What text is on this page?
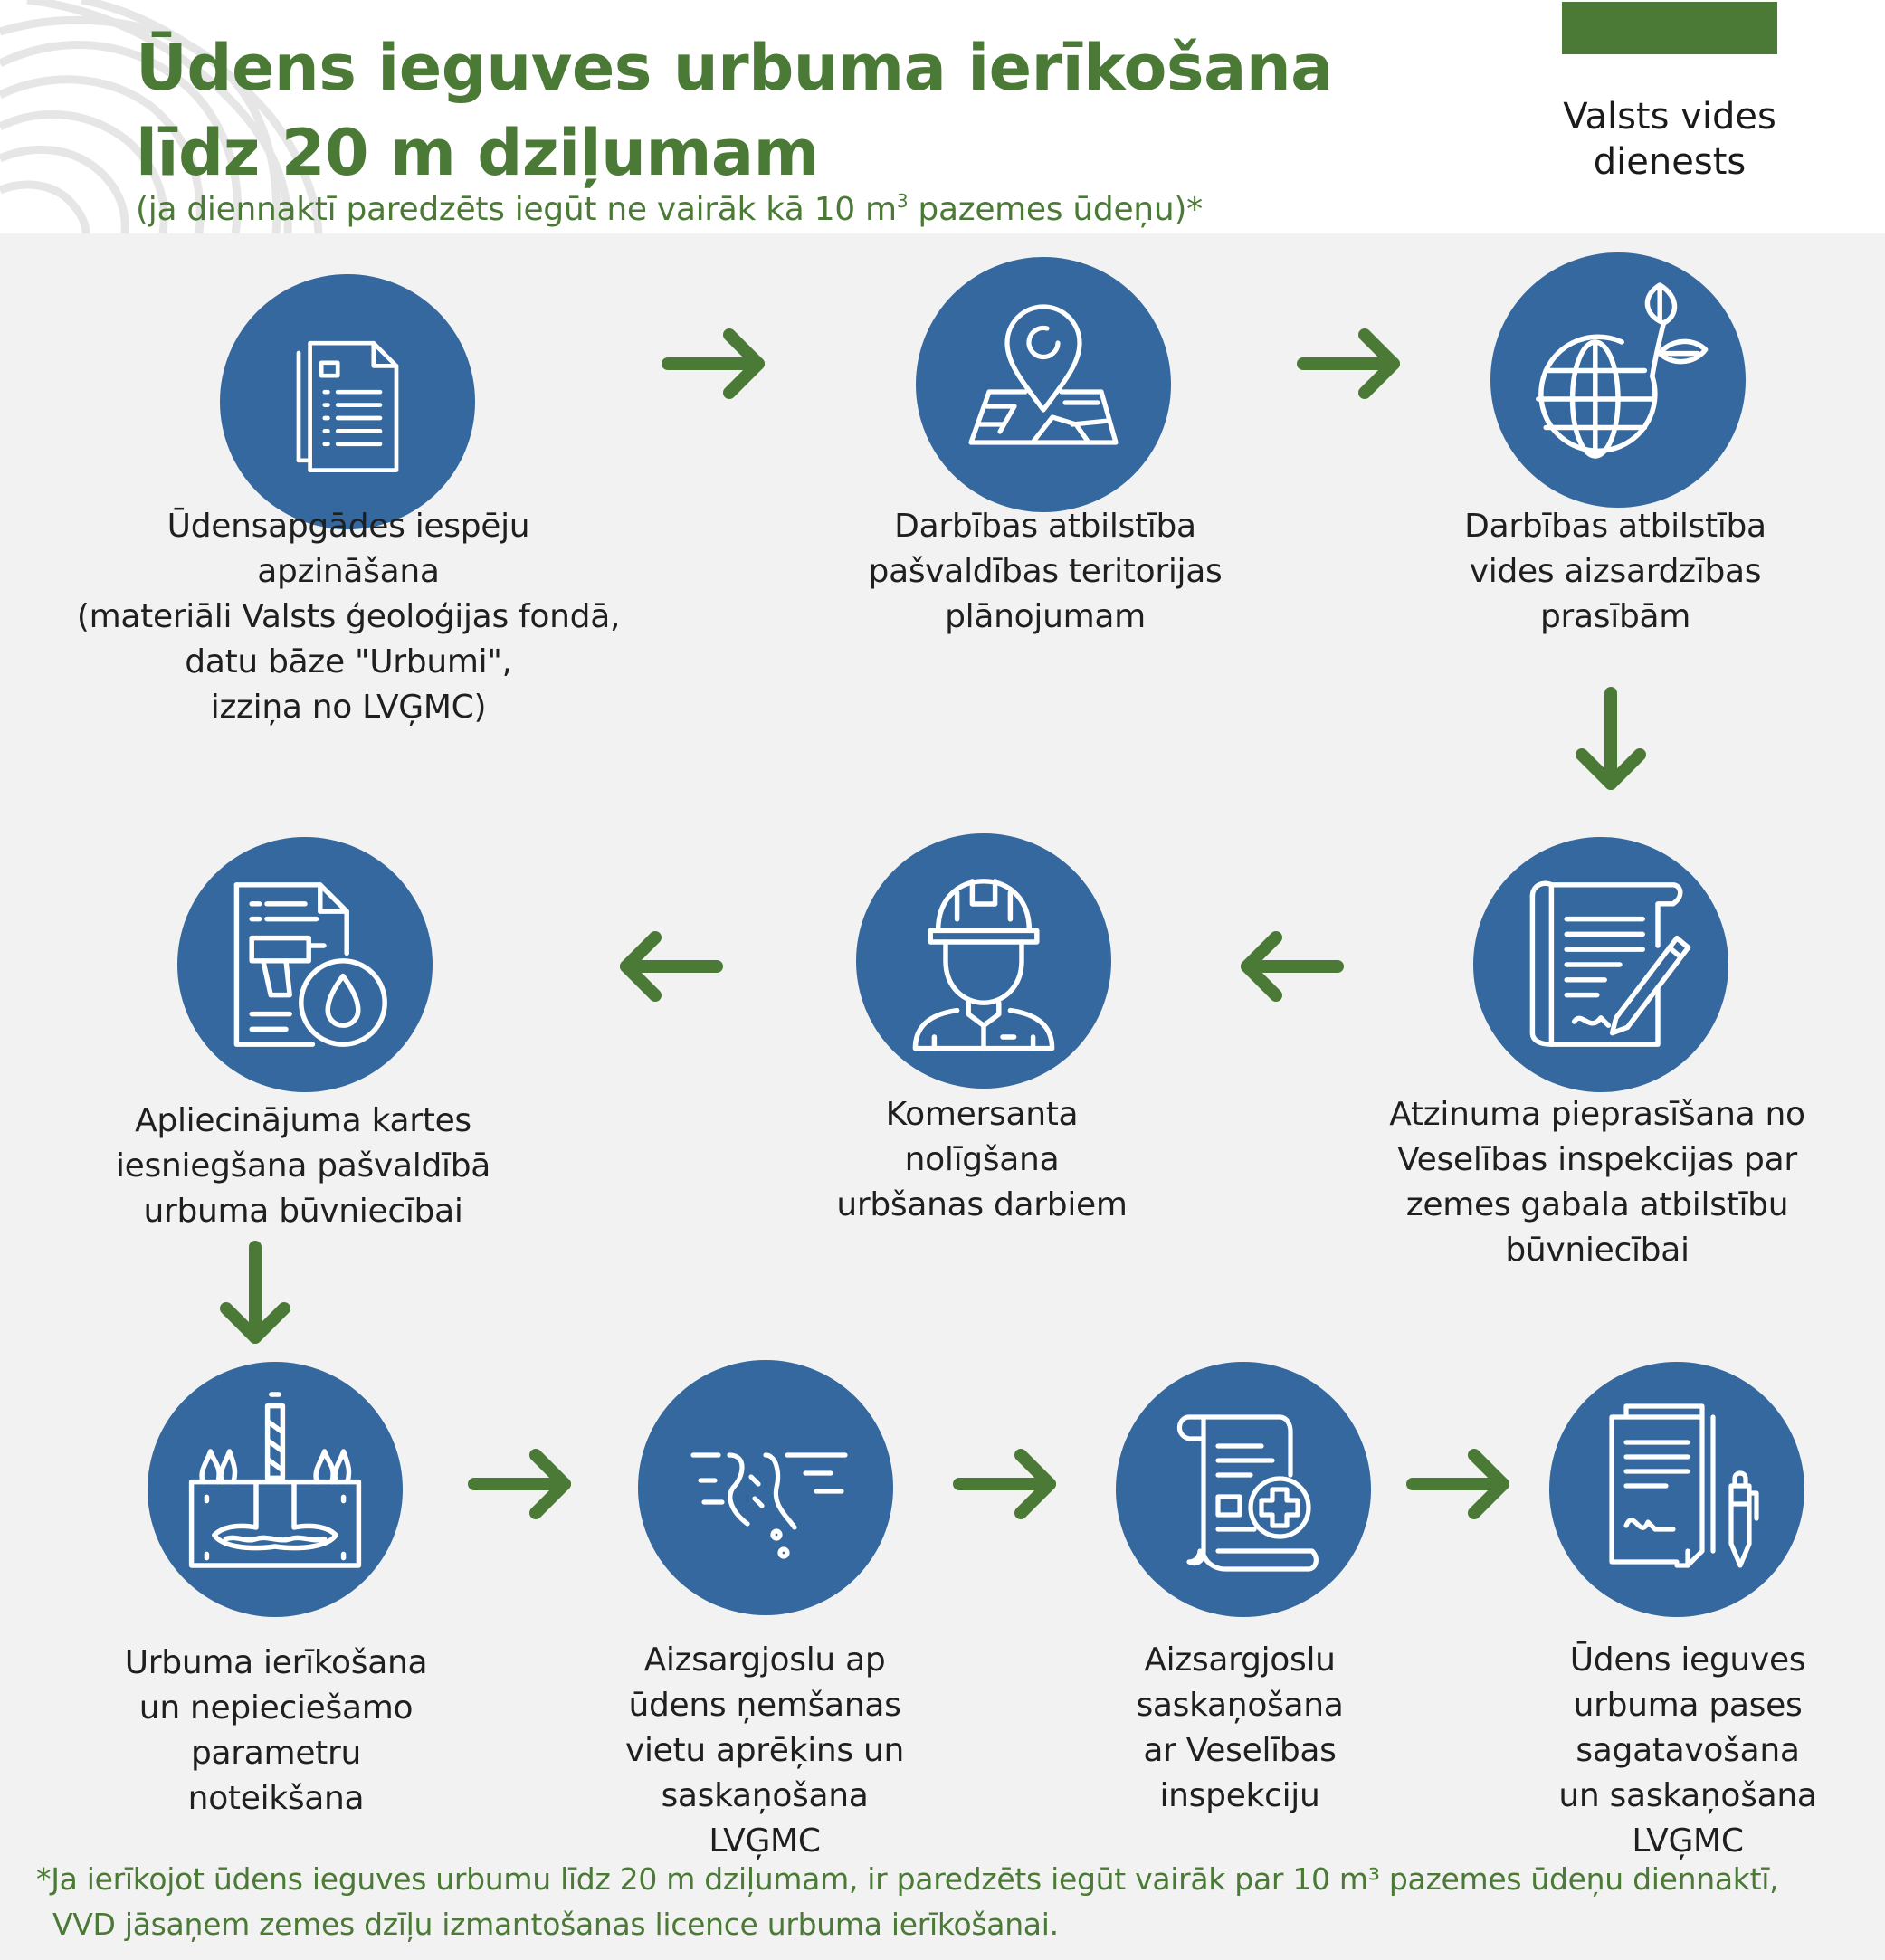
Ūdens ieguves urbuma ierīkošana
līdz 20 m dziļumam
(ja diennaktī paredzēts iegūt ne vairāk kā 10 $m^3$ pazemes ūdeņu)*
Valsts vides
dienests
Ūdensapgādes iespēju
apzināšana
(materiāli Valsts ģeoloģijas fondā,
datu bāze "Urbumi",
izziņa no LVĢMC)
Darbības atbilstība
pašvaldības teritorijas
plānojumam
Darbības atbilstība
vides aizsardzības
prasībām
Atzinuma pieprasīšana no
Veselības inspekcijas par
zemes gabala atbilstību
būvniecībai
Komersanta
nolīgšana
urbšanas darbiem
Apliecinājuma kartes
iesniegšana pašvaldībā
urbuma būvniecībai
Urbuma ierīkošana
un nepieciešamo
parametru
noteikšana
Aizsargjoslu ap
ūdens ņemšanas
vietu aprēķins un
saskaņošana
LVĢMC
Aizsargjoslu
saskaņošana
ar Veselības
inspekciju
Ūdens ieguves
urbuma pases
sagatavošana
un saskaņošana
LVĢMC
*Ja ierīkojot ūdens ieguves urbumu līdz 20 m dziļumam, ir paredzēts iegūt vairāk par 10 m³ pazemes ūdeņu diennaktī,
VVD jāsaņem zemes dzīļu izmantošanas licence urbuma ierīkošanai.
